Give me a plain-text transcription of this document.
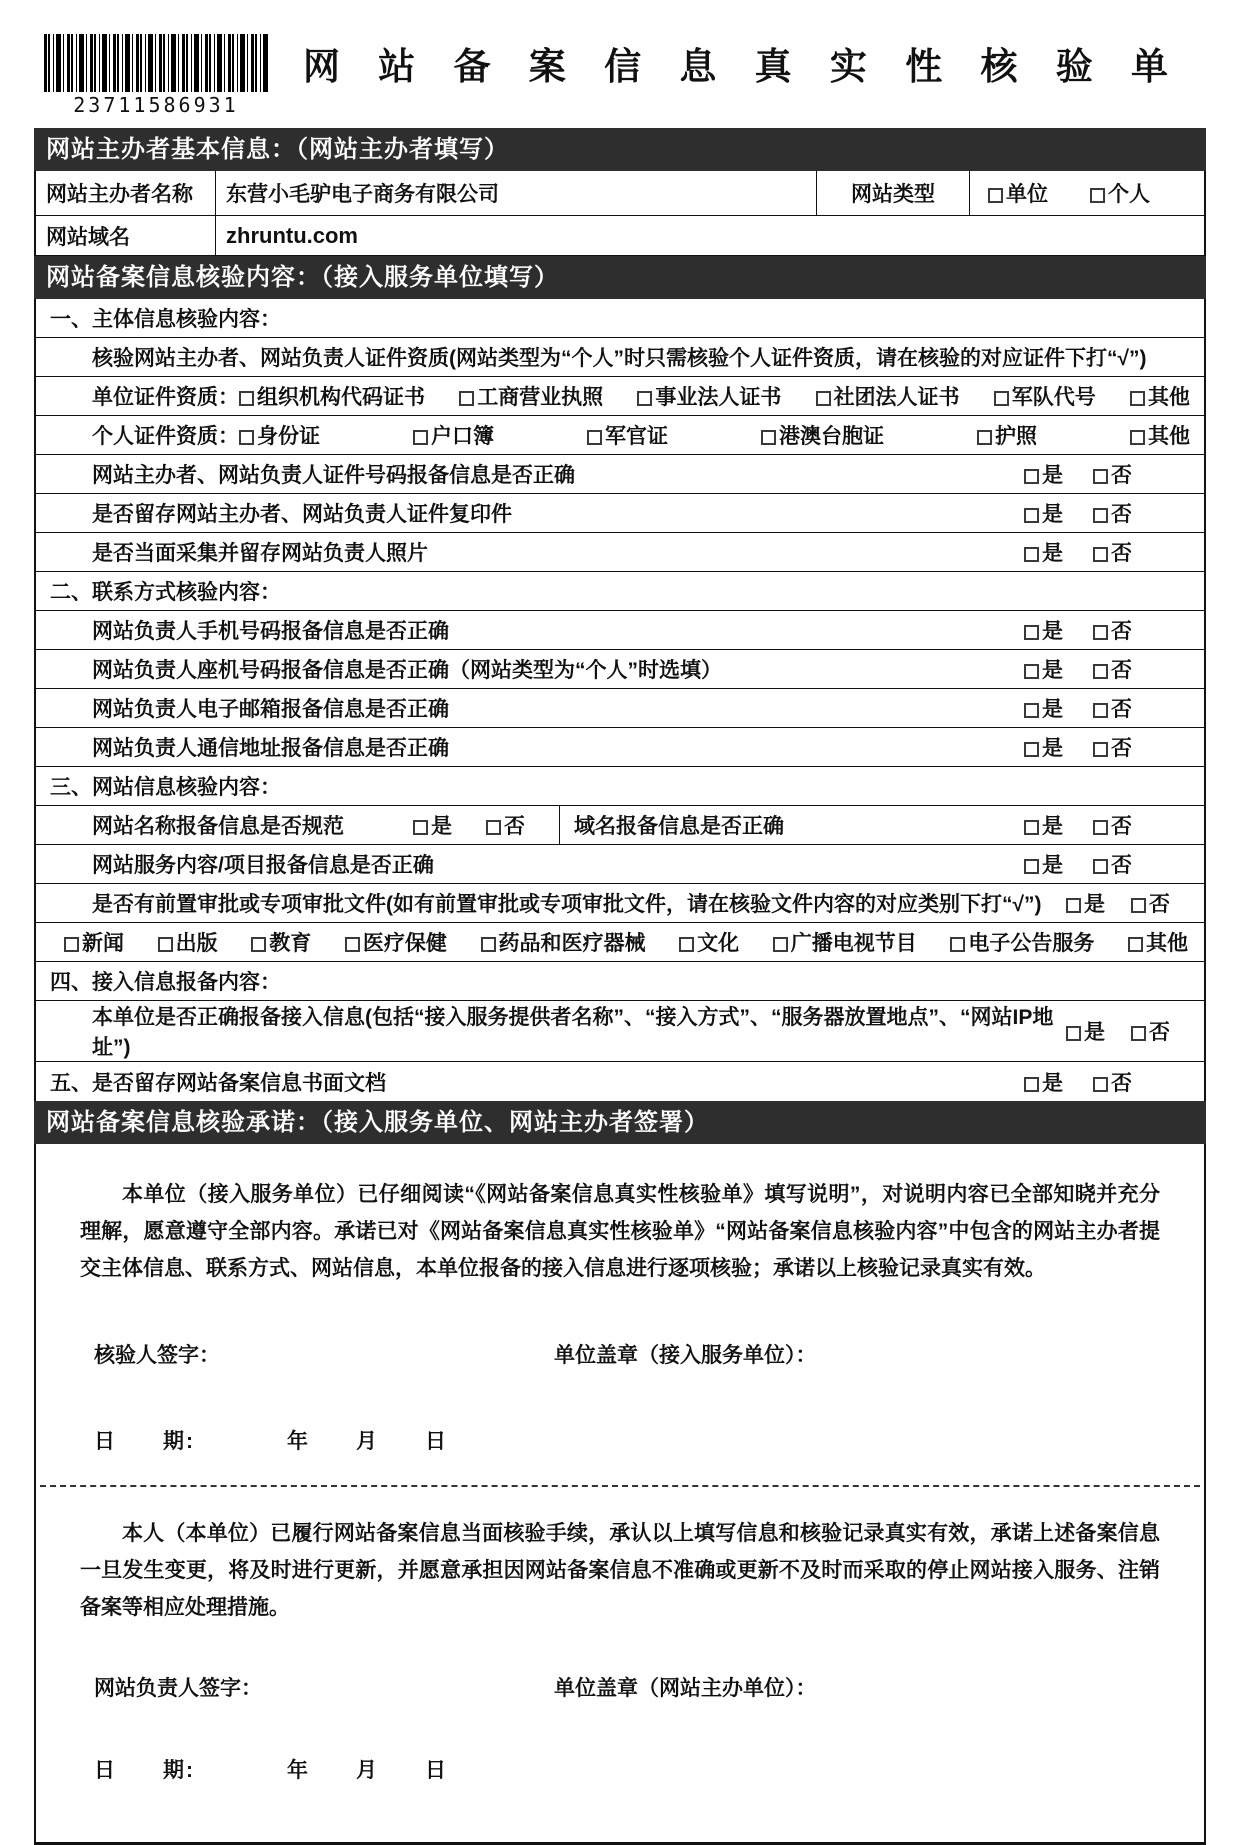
23711586931
网 站 备 案 信 息 真 实 性 核 验 单
网站主办者基本信息：（网站主办者填写）
网站主办者名称	东营小毛驴电子商务有限公司	网站类型	单位	个人
网站域名	zhruntu.com
网站备案信息核验内容：（接入服务单位填写）
一、主体信息核验内容：
核验网站主办者、网站负责人证件资质(网站类型为“个人”时只需核验个人证件资质，请在核验的对应证件下打“√”)
单位证件资质： 组织机构代码证书	工商营业执照	事业法人证书	社团法人证书	军队代号	其他
个人证件资质： 身份证	户口簿	军官证	港澳台胞证	护照	其他
网站主办者、网站负责人证件号码报备信息是否正确	是	否
是否留存网站主办者、网站负责人证件复印件	是	否
是否当面采集并留存网站负责人照片	是	否
二、联系方式核验内容：
网站负责人手机号码报备信息是否正确	是	否
网站负责人座机号码报备信息是否正确（网站类型为“个人”时选填）	是	否
网站负责人电子邮箱报备信息是否正确	是	否
网站负责人通信地址报备信息是否正确	是	否
三、网站信息核验内容：
网站名称报备信息是否规范	是	否 域名报备信息是否正确	是	否
网站服务内容/项目报备信息是否正确	是	否
是否有前置审批或专项审批文件(如有前置审批或专项审批文件，请在核验文件内容的对应类别下打“√”)	是	否
新闻	出版	教育	医疗保健	药品和医疗器械	文化	广播电视节目	电子公告服务	其他
四、接入信息报备内容：
本单位是否正确报备接入信息(包括“接入服务提供者名称”、“接入方式”、“服务器放置地点”、“网站IP地址”)
是	否
五、是否留存网站备案信息书面文档	是	否
网站备案信息核验承诺：（接入服务单位、网站主办者签署）

本单位（接入服务单位）已仔细阅读“《网站备案信息真实性核验单》填写说明”，对说明内容已全部知晓并充分理解，愿意遵守全部内容。承诺已对《网站备案信息真实性核验单》“网站备案信息核验内容”中包含的网站主办者提交主体信息、联系方式、网站信息，本单位报备的接入信息进行逐项核验；承诺以上核验记录真实有效。

核验人签字：	单位盖章（接入服务单位）：
日　　期:　　　　年　　月　　日

本人（本单位）已履行网站备案信息当面核验手续，承认以上填写信息和核验记录真实有效，承诺上述备案信息一旦发生变更，将及时进行更新，并愿意承担因网站备案信息不准确或更新不及时而采取的停止网站接入服务、注销备案等相应处理措施。

网站负责人签字：	单位盖章（网站主办单位）：
日　　期:　　　　年　　月　　日
